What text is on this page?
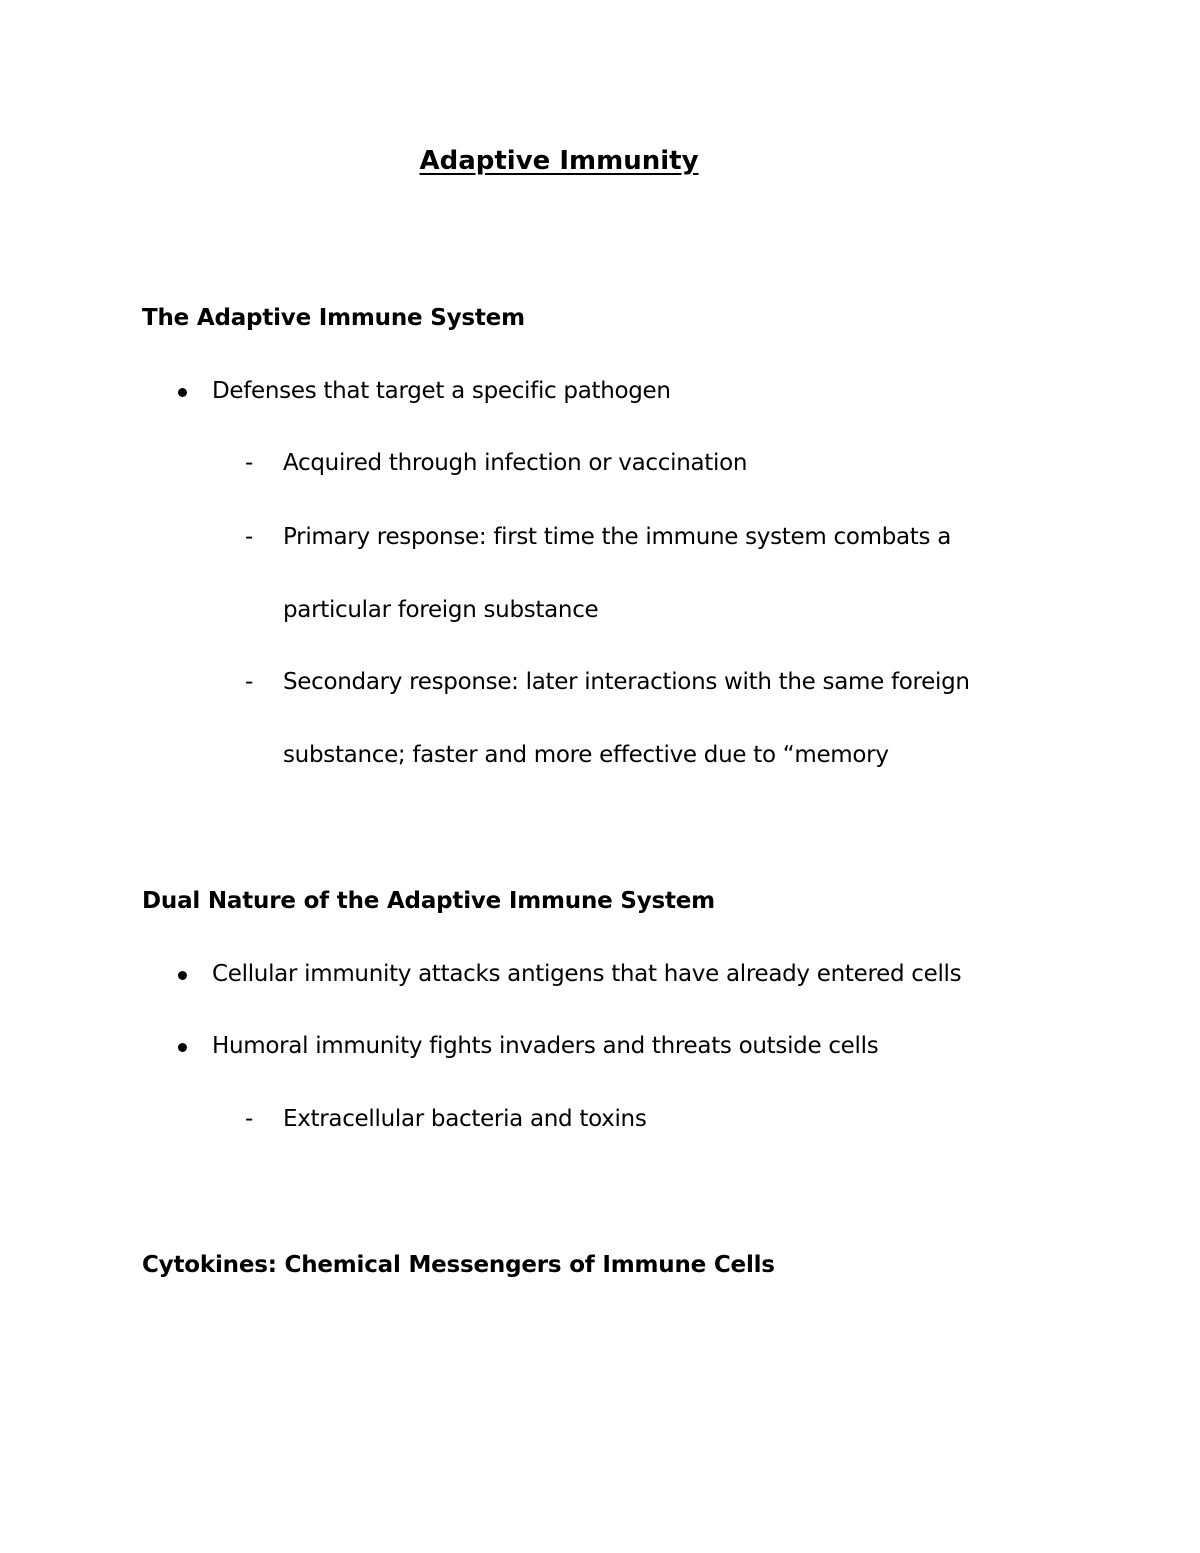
Adaptive Immunity
The Adaptive Immune System
Defenses that target a specific pathogen
- Acquired through infection or vaccination
- Primary response: first time the immune system combats a
particular foreign substance
- Secondary response: later interactions with the same foreign
substance; faster and more effective due to “memory
Dual Nature of the Adaptive Immune System
Cellular immunity attacks antigens that have already entered cells
Humoral immunity fights invaders and threats outside cells
- Extracellular bacteria and toxins
Cytokines: Chemical Messengers of Immune Cells
